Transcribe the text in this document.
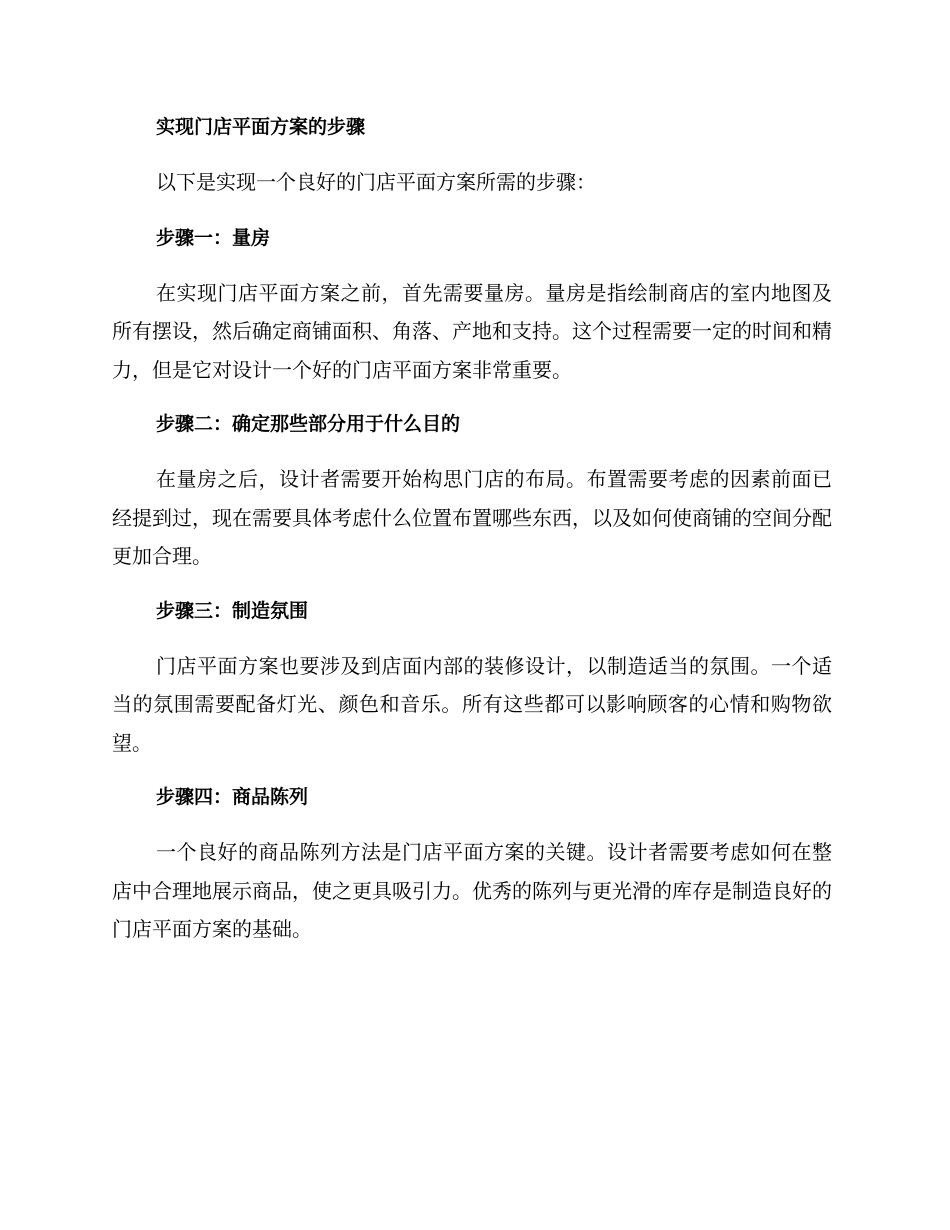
实现门店平面方案的步骤

以下是实现一个良好的门店平面方案所需的步骤：

步骤一：量房

在实现门店平面方案之前，首先需要量房。量房是指绘制商店的室内地图及所有摆设，然后确定商铺面积、角落、产地和支持。这个过程需要一定的时间和精力，但是它对设计一个好的门店平面方案非常重要。

步骤二：确定那些部分用于什么目的

在量房之后，设计者需要开始构思门店的布局。布置需要考虑的因素前面已经提到过，现在需要具体考虑什么位置布置哪些东西，以及如何使商铺的空间分配更加合理。

步骤三：制造氛围

门店平面方案也要涉及到店面内部的装修设计，以制造适当的氛围。一个适当的氛围需要配备灯光、颜色和音乐。所有这些都可以影响顾客的心情和购物欲望。

步骤四：商品陈列

一个良好的商品陈列方法是门店平面方案的关键。设计者需要考虑如何在整店中合理地展示商品，使之更具吸引力。优秀的陈列与更光滑的库存是制造良好的门店平面方案的基础。
